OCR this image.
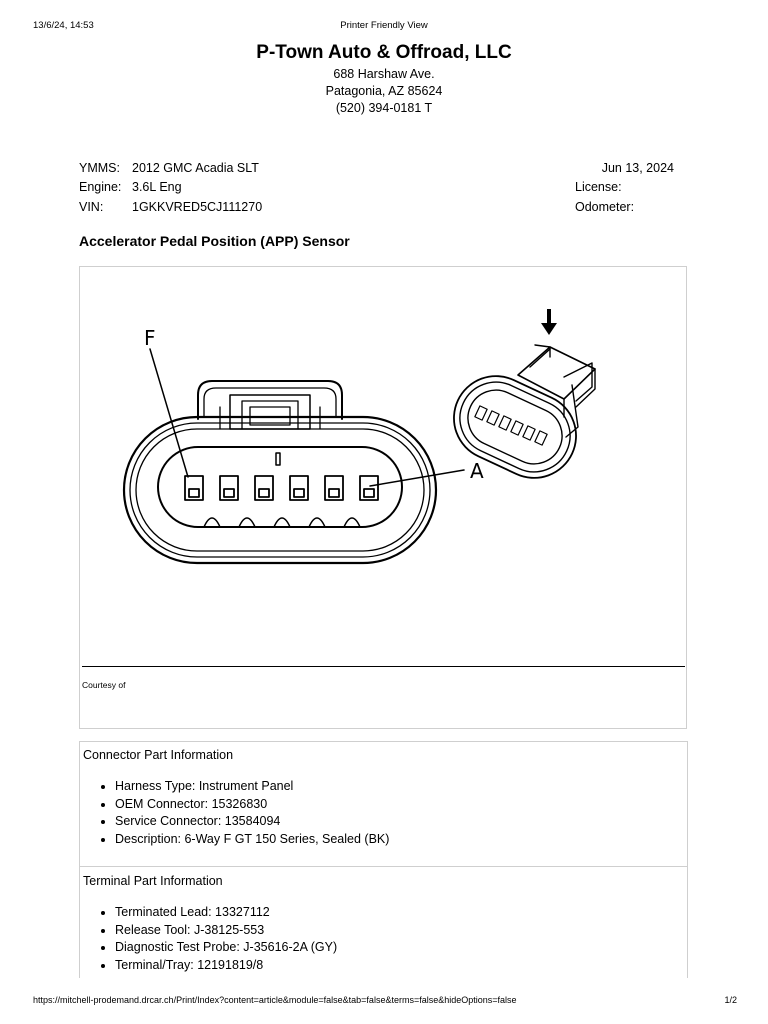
13/6/24, 14:53	Printer Friendly View
P-Town Auto & Offroad, LLC
688 Harshaw Ave.
Patagonia, AZ 85624
(520) 394-0181 T
YMMS: 2012 GMC Acadia SLT
Engine: 3.6L Eng
VIN: 1GKKVRED5CJ111270
Jun 13, 2024
License:
Odometer:
Accelerator Pedal Position (APP) Sensor
F
A
Courtesy of
Connector Part Information
• Harness Type: Instrument Panel
• OEM Connector: 15326830
• Service Connector: 13584094
• Description: 6-Way F GT 150 Series, Sealed (BK)
Terminal Part Information
• Terminated Lead: 13327112
• Release Tool: J-38125-553
• Diagnostic Test Probe: J-35616-2A (GY)
• Terminal/Tray: 12191819/8
https://mitchell-prodemand.drcar.ch/Print/Index?content=article&module=false&tab=false&terms=false&hideOptions=false	1/2
